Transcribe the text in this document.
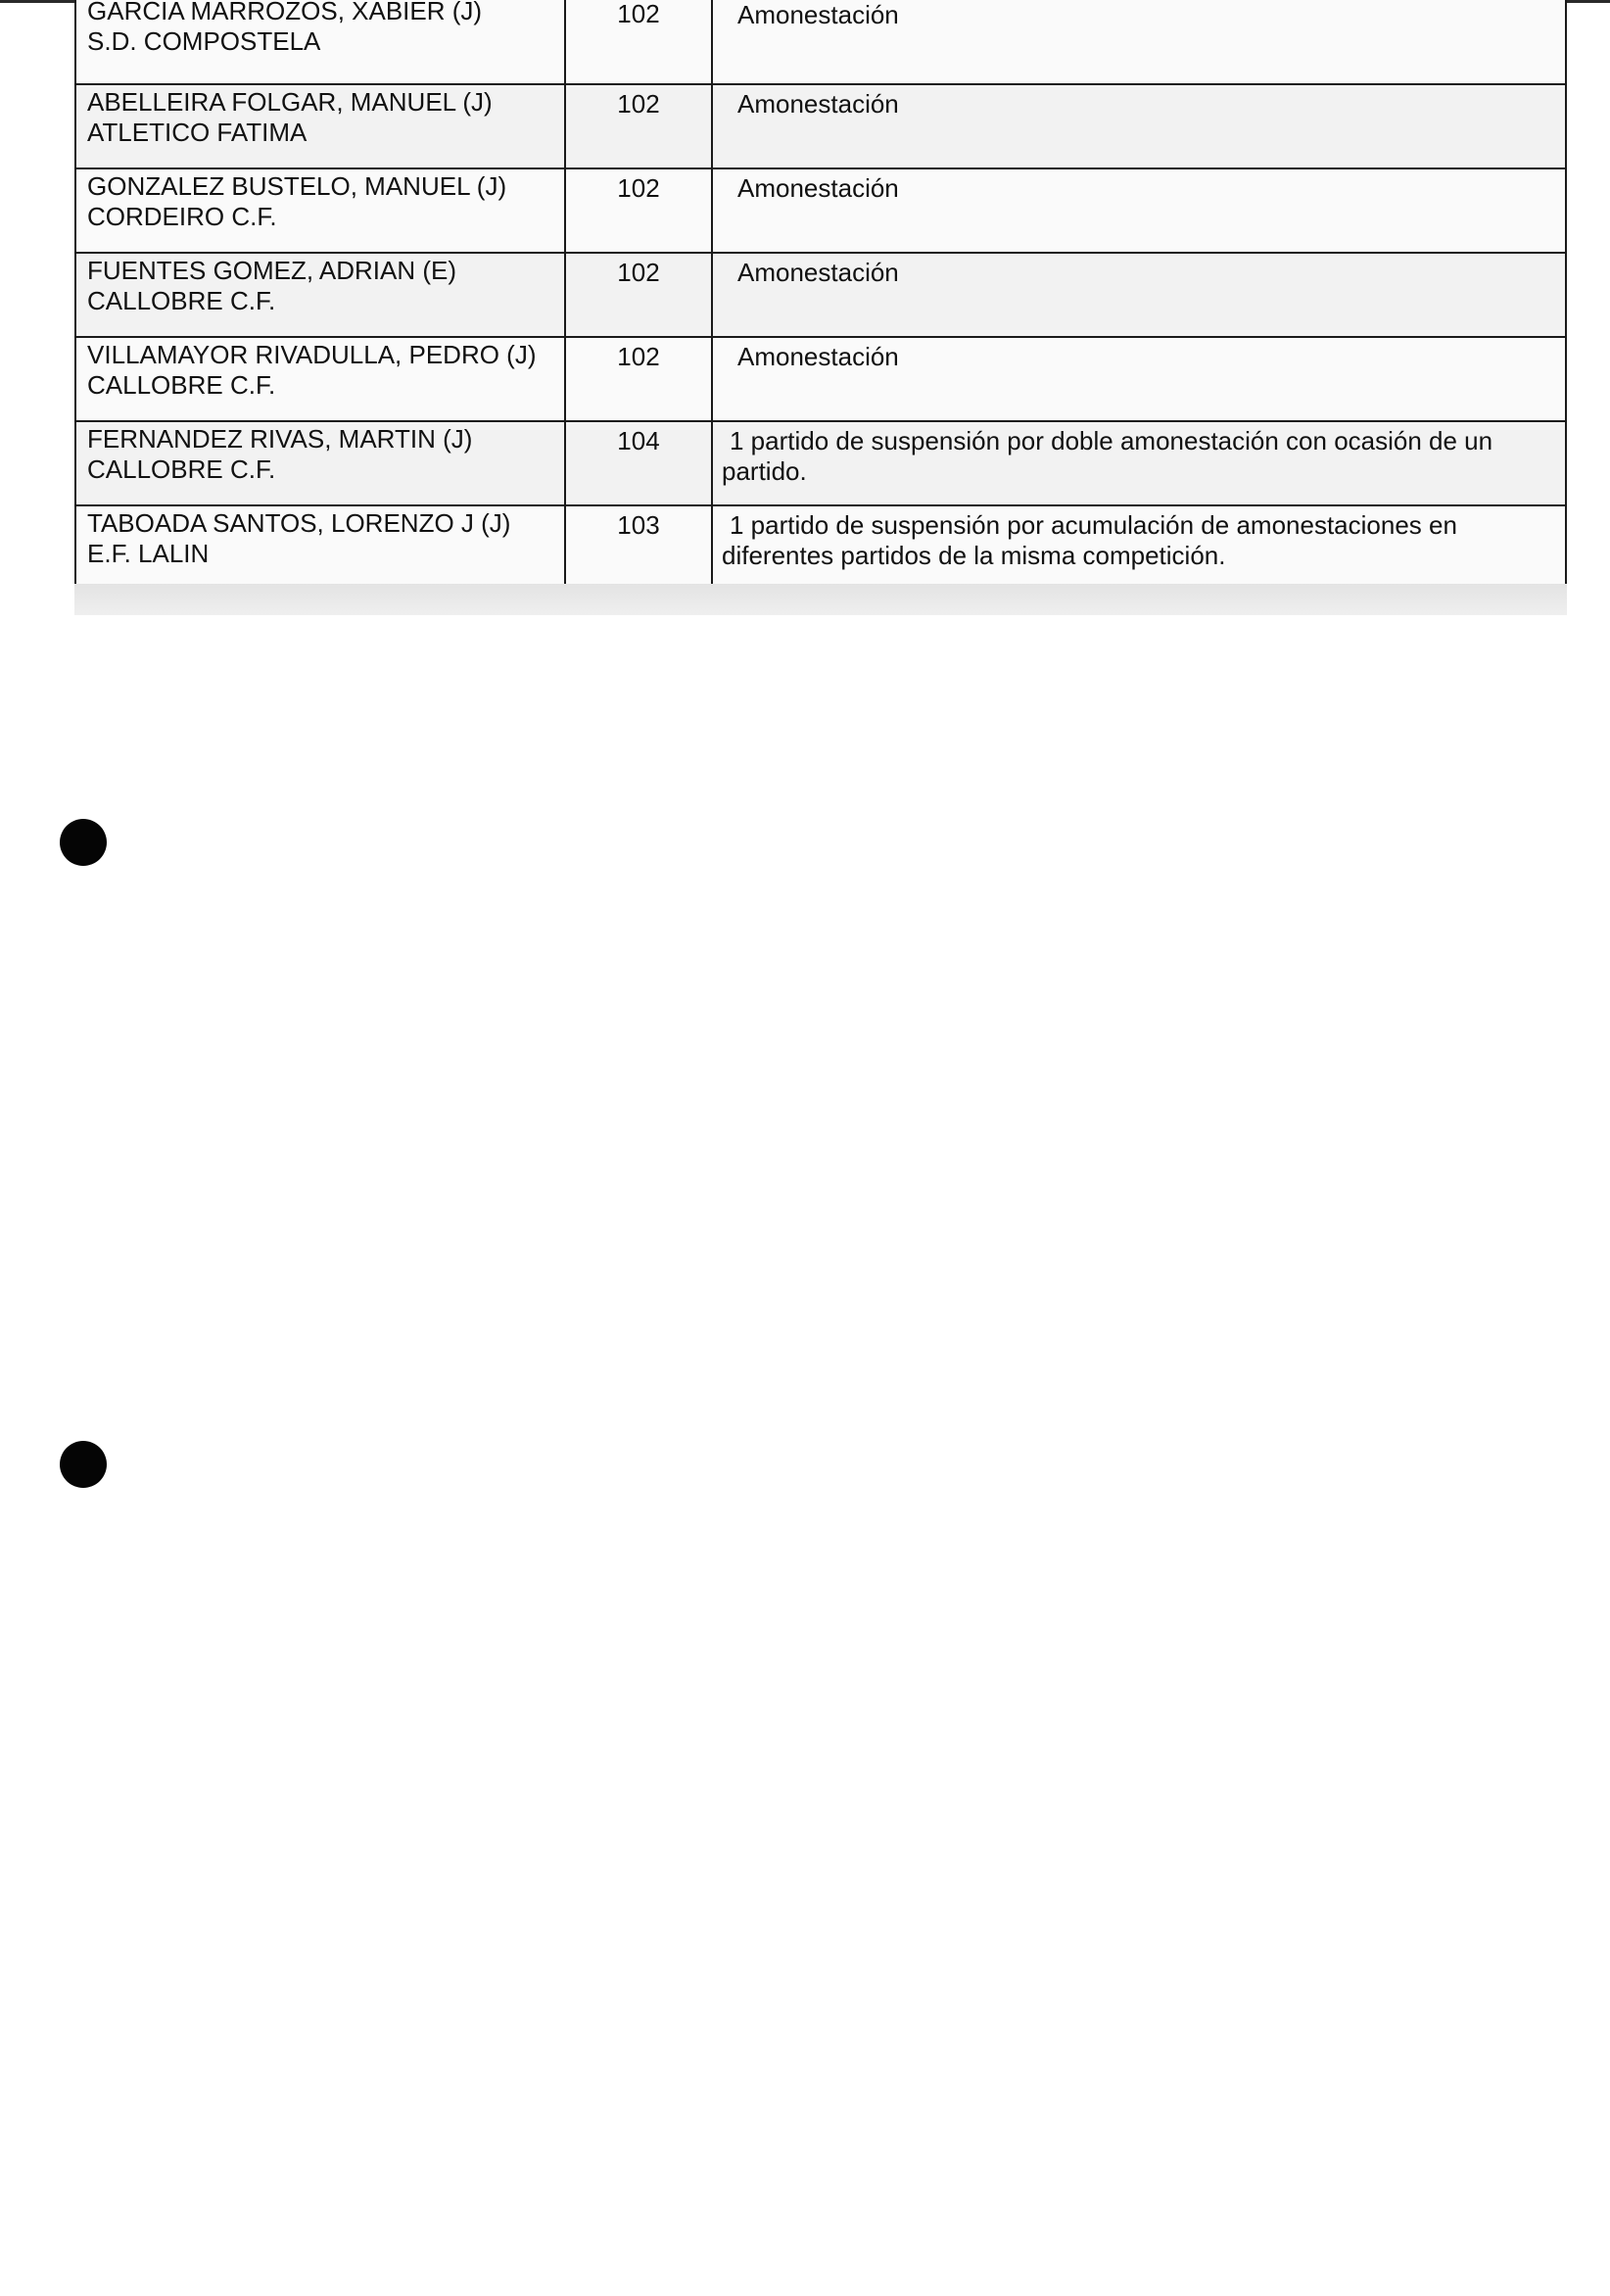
GARCIA MARROZOS, XABIER (J)
S.D. COMPOSTELA	102	Amonestación

ABELLEIRA FOLGAR, MANUEL (J)
ATLETICO FATIMA	102	Amonestación

GONZALEZ BUSTELO, MANUEL (J)
CORDEIRO C.F.	102	Amonestación

FUENTES GOMEZ, ADRIAN (E)
CALLOBRE C.F.	102	Amonestación

VILLAMAYOR RIVADULLA, PEDRO (J)
CALLOBRE C.F.	102	Amonestación

FERNANDEZ RIVAS, MARTIN (J)
CALLOBRE C.F.	104	1 partido de suspensión por doble amonestación con ocasión de un
partido.

TABOADA SANTOS, LORENZO J (J)
E.F. LALIN	103	1 partido de suspensión por acumulación de amonestaciones en
diferentes partidos de la misma competición.
